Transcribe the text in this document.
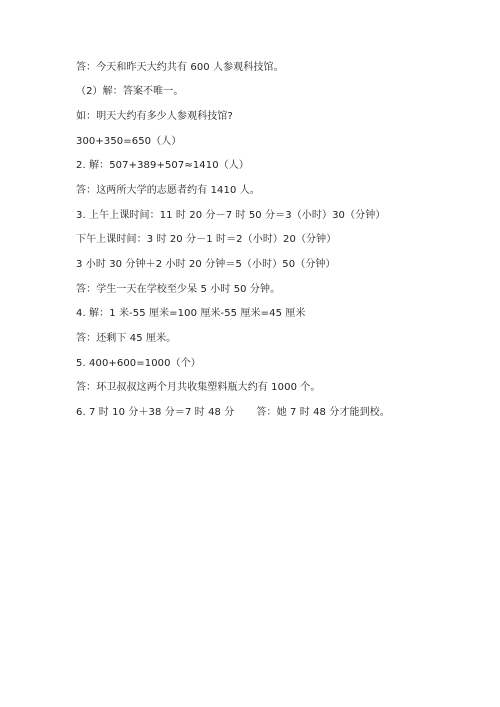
答：今天和昨天大约共有 600 人参观科技馆。
（2）解：答案不唯一。
如：明天大约有多少人参观科技馆?
300+350=650（人）
2. 解：507+389+507≈1410（人）
答：这两所大学的志愿者约有 1410 人。
3. 上午上课时间：11 时 20 分－7 时 50 分＝3（小时）30（分钟）
下午上课时间：3 时 20 分－1 时＝2（小时）20（分钟）
3 小时 30 分钟＋2 小时 20 分钟＝5（小时）50（分钟）
答：学生一天在学校至少呆 5 小时 50 分钟。
4. 解：1 米-55 厘米=100 厘米-55 厘米=45 厘米
答：还剩下 45 厘米。
5. 400+600=1000（个）
答：环卫叔叔这两个月共收集塑料瓶大约有 1000 个。
6. 7 时 10 分＋38 分＝7 时 48 分 答：她 7 时 48 分才能到校。
